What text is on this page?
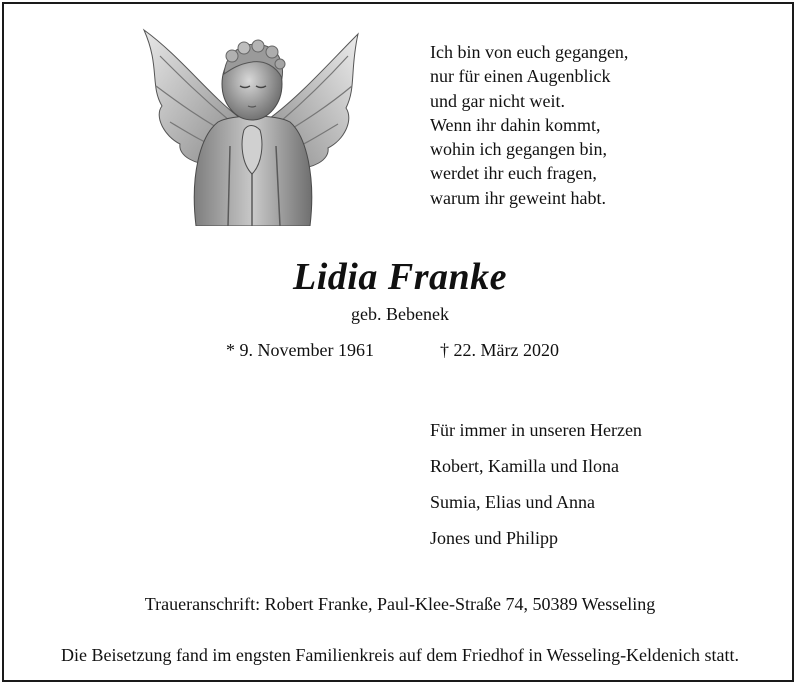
Ich bin von euch gegangen,
nur für einen Augenblick
und gar nicht weit.
Wenn ihr dahin kommt,
wohin ich gegangen bin,
werdet ihr euch fragen,
warum ihr geweint habt.
Lidia Franke
geb. Bebenek
* 9. November 1961	† 22. März 2020
Für immer in unseren Herzen
Robert, Kamilla und Ilona
Sumia, Elias und Anna
Jones und Philipp
Traueranschrift: Robert Franke, Paul-Klee-Straße 74, 50389 Wesseling
Die Beisetzung fand im engsten Familienkreis auf dem Friedhof in Wesseling-Keldenich statt.
